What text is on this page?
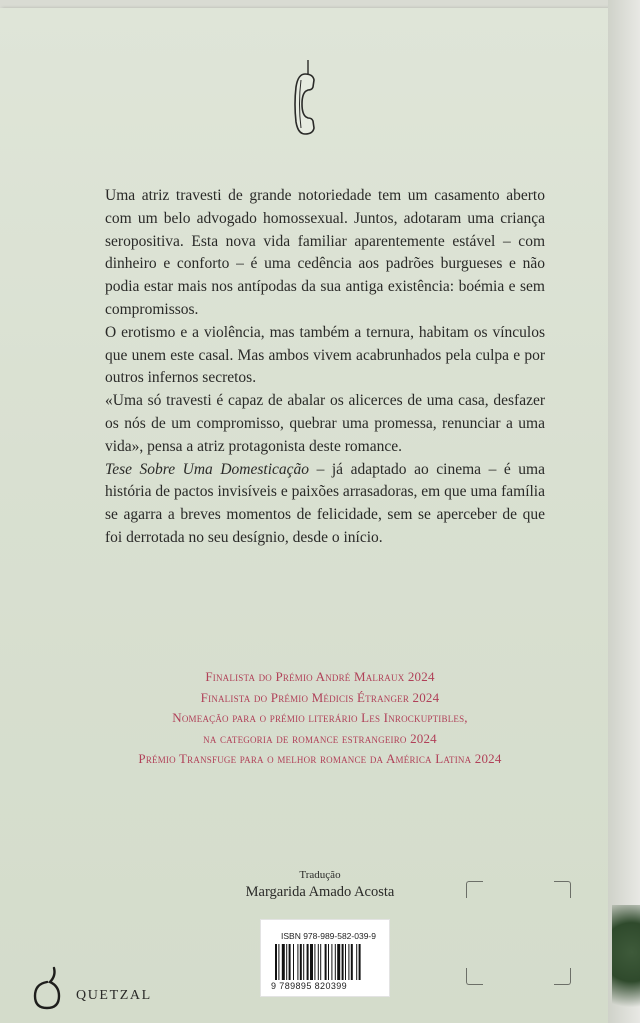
Uma atriz travesti de grande notoriedade tem um casamento aberto com um belo advogado homossexual. Juntos, adotaram uma criança seropositiva. Esta nova vida familiar aparentemente estável – com dinheiro e conforto – é uma cedência aos padrões burgueses e não podia estar mais nos antípodas da sua antiga existência: boémia e sem compromissos.

O erotismo e a violência, mas também a ternura, habitam os vínculos que unem este casal. Mas ambos vivem acabrunhados pela culpa e por outros infernos secretos.

«Uma só travesti é capaz de abalar os alicerces de uma casa, desfazer os nós de um compromisso, quebrar uma promessa, renunciar a uma vida», pensa a atriz protagonista deste romance.

Tese Sobre Uma Domesticação – já adaptado ao cinema – é uma história de pactos invisíveis e paixões arrasadoras, em que uma família se agarra a breves momentos de felicidade, sem se aperceber de que foi derrotada no seu desígnio, desde o início.

Finalista do Prémio André Malraux 2024
Finalista do Prémio Médicis Étranger 2024
Nomeação para o prémio literário Les Inrockuptibles,
na categoria de romance estrangeiro 2024
Prémio Transfuge para o melhor romance da América Latina 2024
Tradução
Margarida Amado Acosta
ISBN 978-989-582-039-9
9 789895 820399
QUETZAL
